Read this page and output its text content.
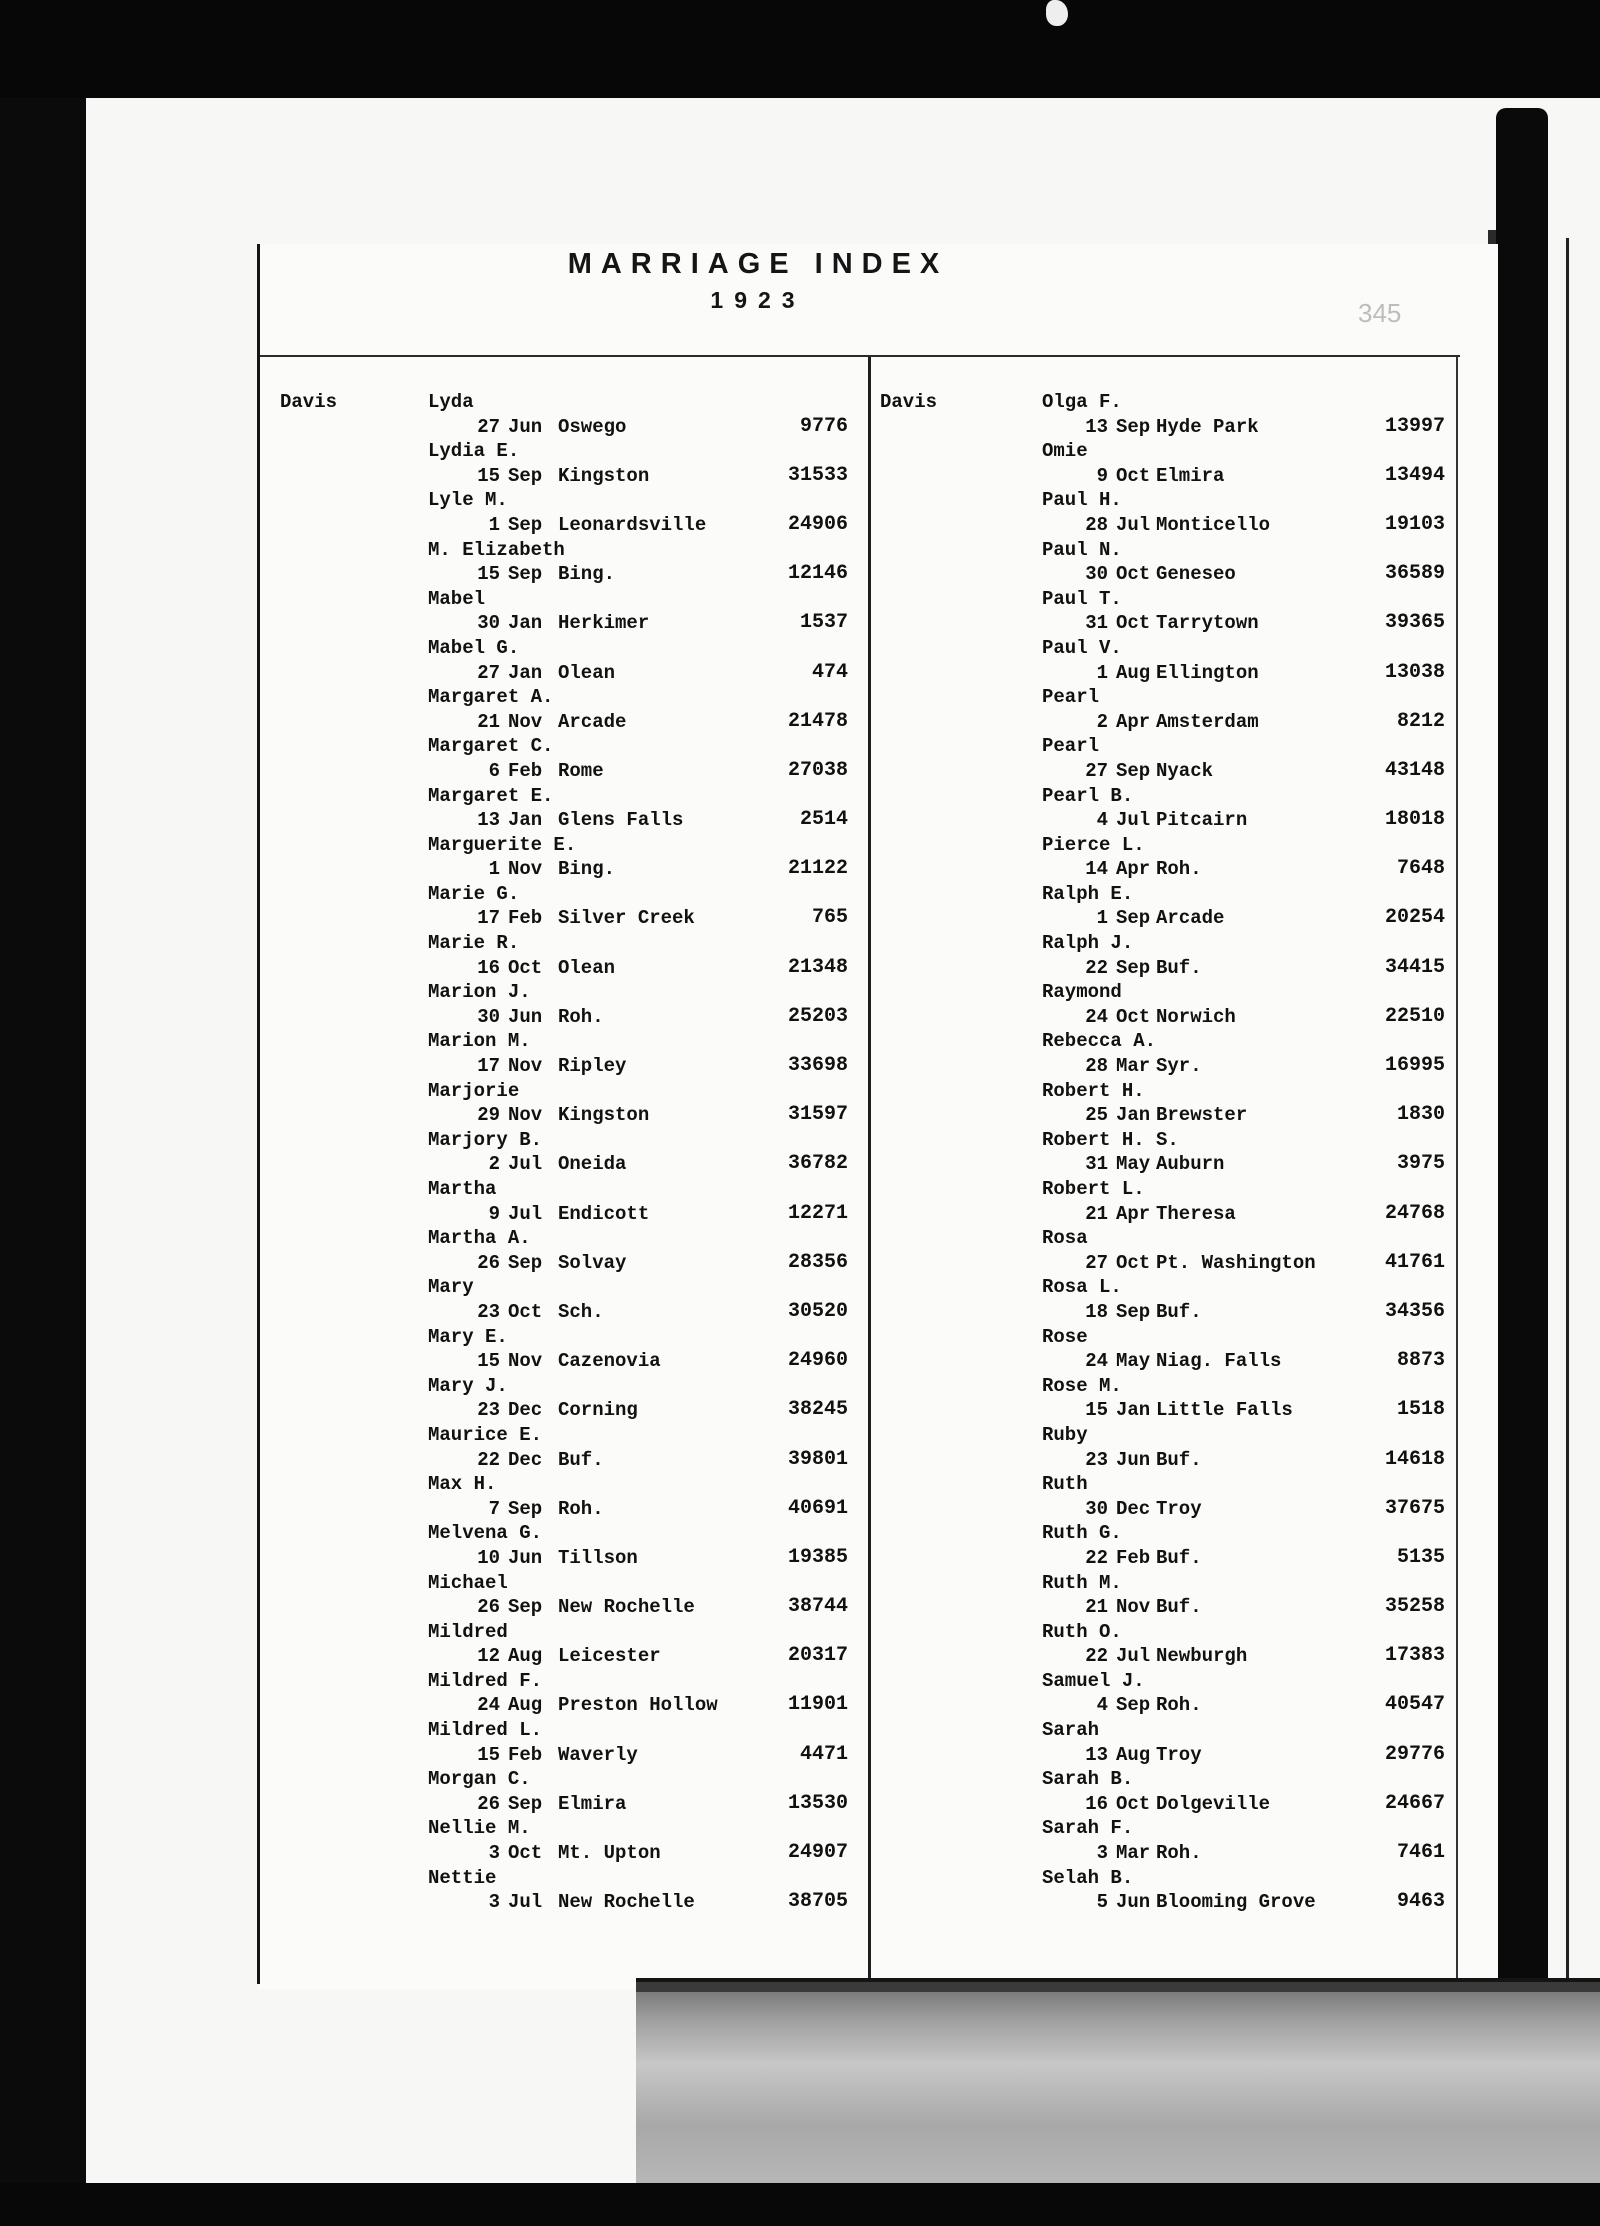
MARRIAGE INDEX
1923	345
Davis	Lyda
27 Jun Oswego	9776
Lydia E.
15 Sep Kingston	31533
Lyle M.
1 Sep Leonardsville	24906
M. Elizabeth
15 Sep Bing.	12146
Mabel
30 Jan Herkimer	1537
Mabel G.
27 Jan Olean	474
Margaret A.
21 Nov Arcade	21478
Margaret C.
6 Feb Rome	27038
Margaret E.
13 Jan Glens Falls	2514
Marguerite E.
1 Nov Bing.	21122
Marie G.
17 Feb Silver Creek	765
Marie R.
16 Oct Olean	21348
Marion J.
30 Jun Roh.	25203
Marion M.
17 Nov Ripley	33698
Marjorie
29 Nov Kingston	31597
Marjory B.
2 Jul Oneida	36782
Martha
9 Jul Endicott	12271
Martha A.
26 Sep Solvay	28356
Mary
23 Oct Sch.	30520
Mary E.
15 Nov Cazenovia	24960
Mary J.
23 Dec Corning	38245
Maurice E.
22 Dec Buf.	39801
Max H.
7 Sep Roh.	40691
Melvena G.
10 Jun Tillson	19385
Michael
26 Sep New Rochelle	38744
Mildred
12 Aug Leicester	20317
Mildred F.
24 Aug Preston Hollow	11901
Mildred L.
15 Feb Waverly	4471
Morgan C.
26 Sep Elmira	13530
Nellie M.
3 Oct Mt. Upton	24907
Nettie
3 Jul New Rochelle	38705
Davis	Olga F.
13 Sep Hyde Park	13997
Omie
9 Oct Elmira	13494
Paul H.
28 Jul Monticello	19103
Paul N.
30 Oct Geneseo	36589
Paul T.
31 Oct Tarrytown	39365
Paul V.
1 Aug Ellington	13038
Pearl
2 Apr Amsterdam	8212
Pearl
27 Sep Nyack	43148
Pearl B.
4 Jul Pitcairn	18018
Pierce L.
14 Apr Roh.	7648
Ralph E.
1 Sep Arcade	20254
Ralph J.
22 Sep Buf.	34415
Raymond
24 Oct Norwich	22510
Rebecca A.
28 Mar Syr.	16995
Robert H.
25 Jan Brewster	1830
Robert H. S.
31 May Auburn	3975
Robert L.
21 Apr Theresa	24768
Rosa
27 Oct Pt. Washington	41761
Rosa L.
18 Sep Buf.	34356
Rose
24 May Niag. Falls	8873
Rose M.
15 Jan Little Falls	1518
Ruby
23 Jun Buf.	14618
Ruth
30 Dec Troy	37675
Ruth G.
22 Feb Buf.	5135
Ruth M.
21 Nov Buf.	35258
Ruth O.
22 Jul Newburgh	17383
Samuel J.
4 Sep Roh.	40547
Sarah
13 Aug Troy	29776
Sarah B.
16 Oct Dolgeville	24667
Sarah F.
3 Mar Roh.	7461
Selah B.
5 Jun Blooming Grove	9463
